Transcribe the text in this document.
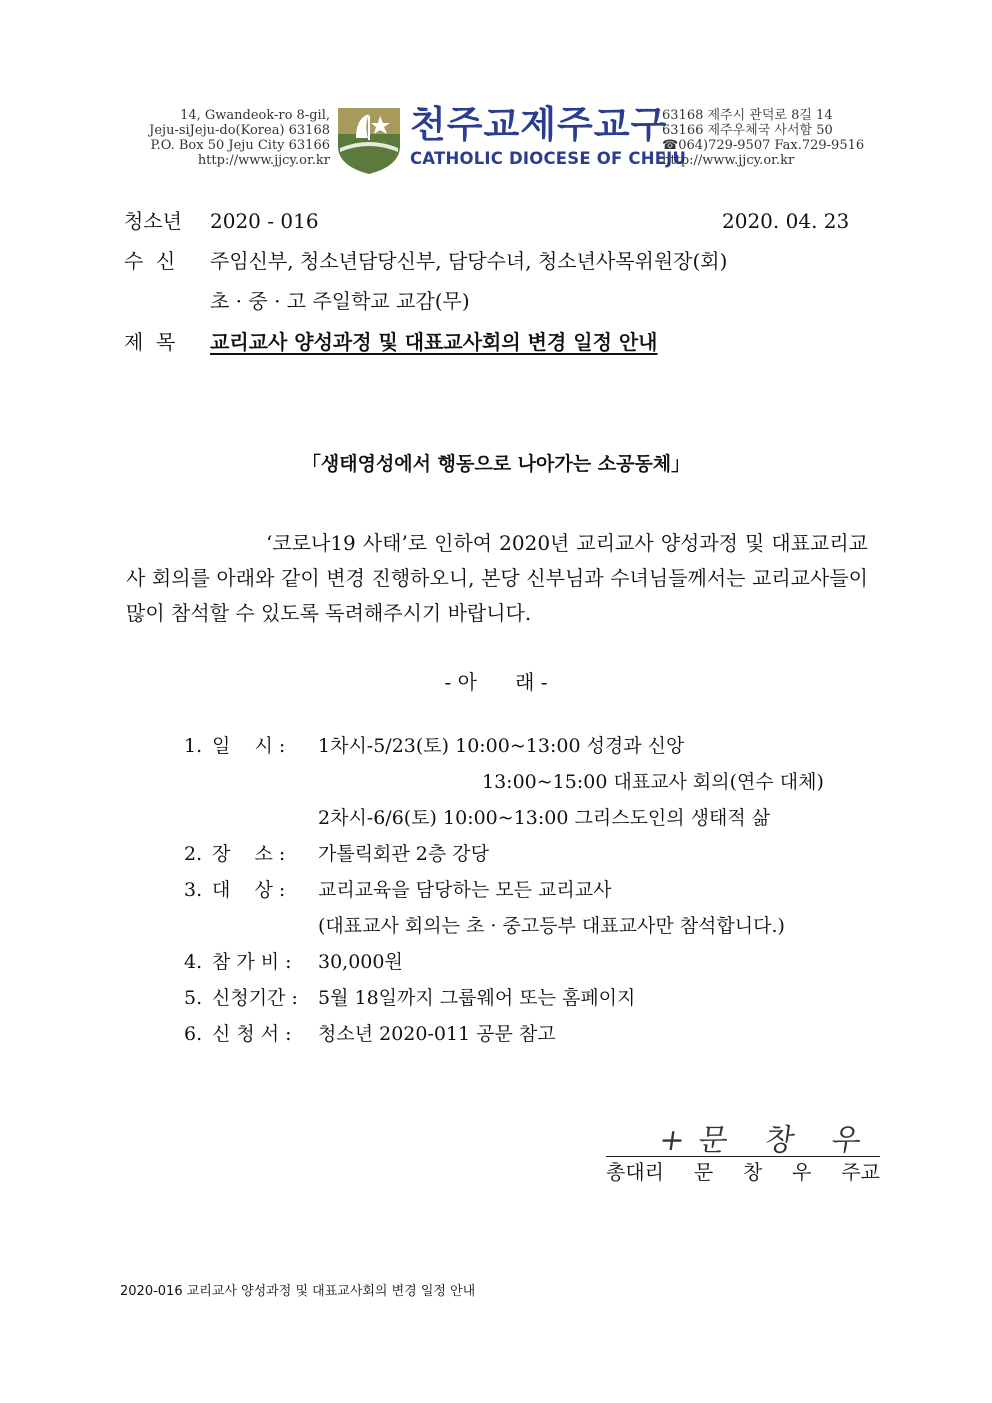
14, Gwandeok-ro 8-gil,
Jeju-siJeju-do(Korea) 63168
P.O. Box 50 Jeju City 63166
http://www.jjcy.or.kr
천주교제주교구
CATHOLIC DIOCESE OF CHEJU
63168 제주시 관덕로 8길 14
63166 제주우체국 사서함 50
☎064)729-9507 Fax.729-9516
http://www.jjcy.or.kr
청소년 2020 - 016	2020. 04. 23
수  신 주임신부, 청소년담당신부, 담당수녀, 청소년사목위원장(회)
초 · 중 · 고 주일학교 교감(무)
제  목 교리교사 양성과정 및 대표교사회의 변경 일정 안내
「생태영성에서 행동으로 나아가는 소공동체」
‘코로나19 사태’로 인하여 2020년 교리교사 양성과정 및 대표교리교사 회의를 아래와 같이 변경 진행하오니, 본당 신부님과 수녀님들께서는 교리교사들이 많이 참석할 수 있도록 독려해주시기 바랍니다.
- 아      래 -
1. 일    시 : 1차시-5/23(토) 10:00~13:00 성경과 신앙
13:00~15:00 대표교사 회의(연수 대체)
2차시-6/6(토) 10:00~13:00 그리스도인의 생태적 삶
2. 장    소 : 가톨릭회관 2층 강당
3. 대    상 : 교리교육을 담당하는 모든 교리교사
(대표교사 회의는 초 · 중고등부 대표교사만 참석합니다.)
4. 참 가 비 : 30,000원
5. 신청기간 : 5월 18일까지 그룹웨어 또는 홈페이지
6. 신 청 서 : 청소년 2020-011 공문 참고
+문 창 우
총대리 문 창 우 주교
2020-016 교리교사 양성과정 및 대표교사회의 변경 일정 안내
